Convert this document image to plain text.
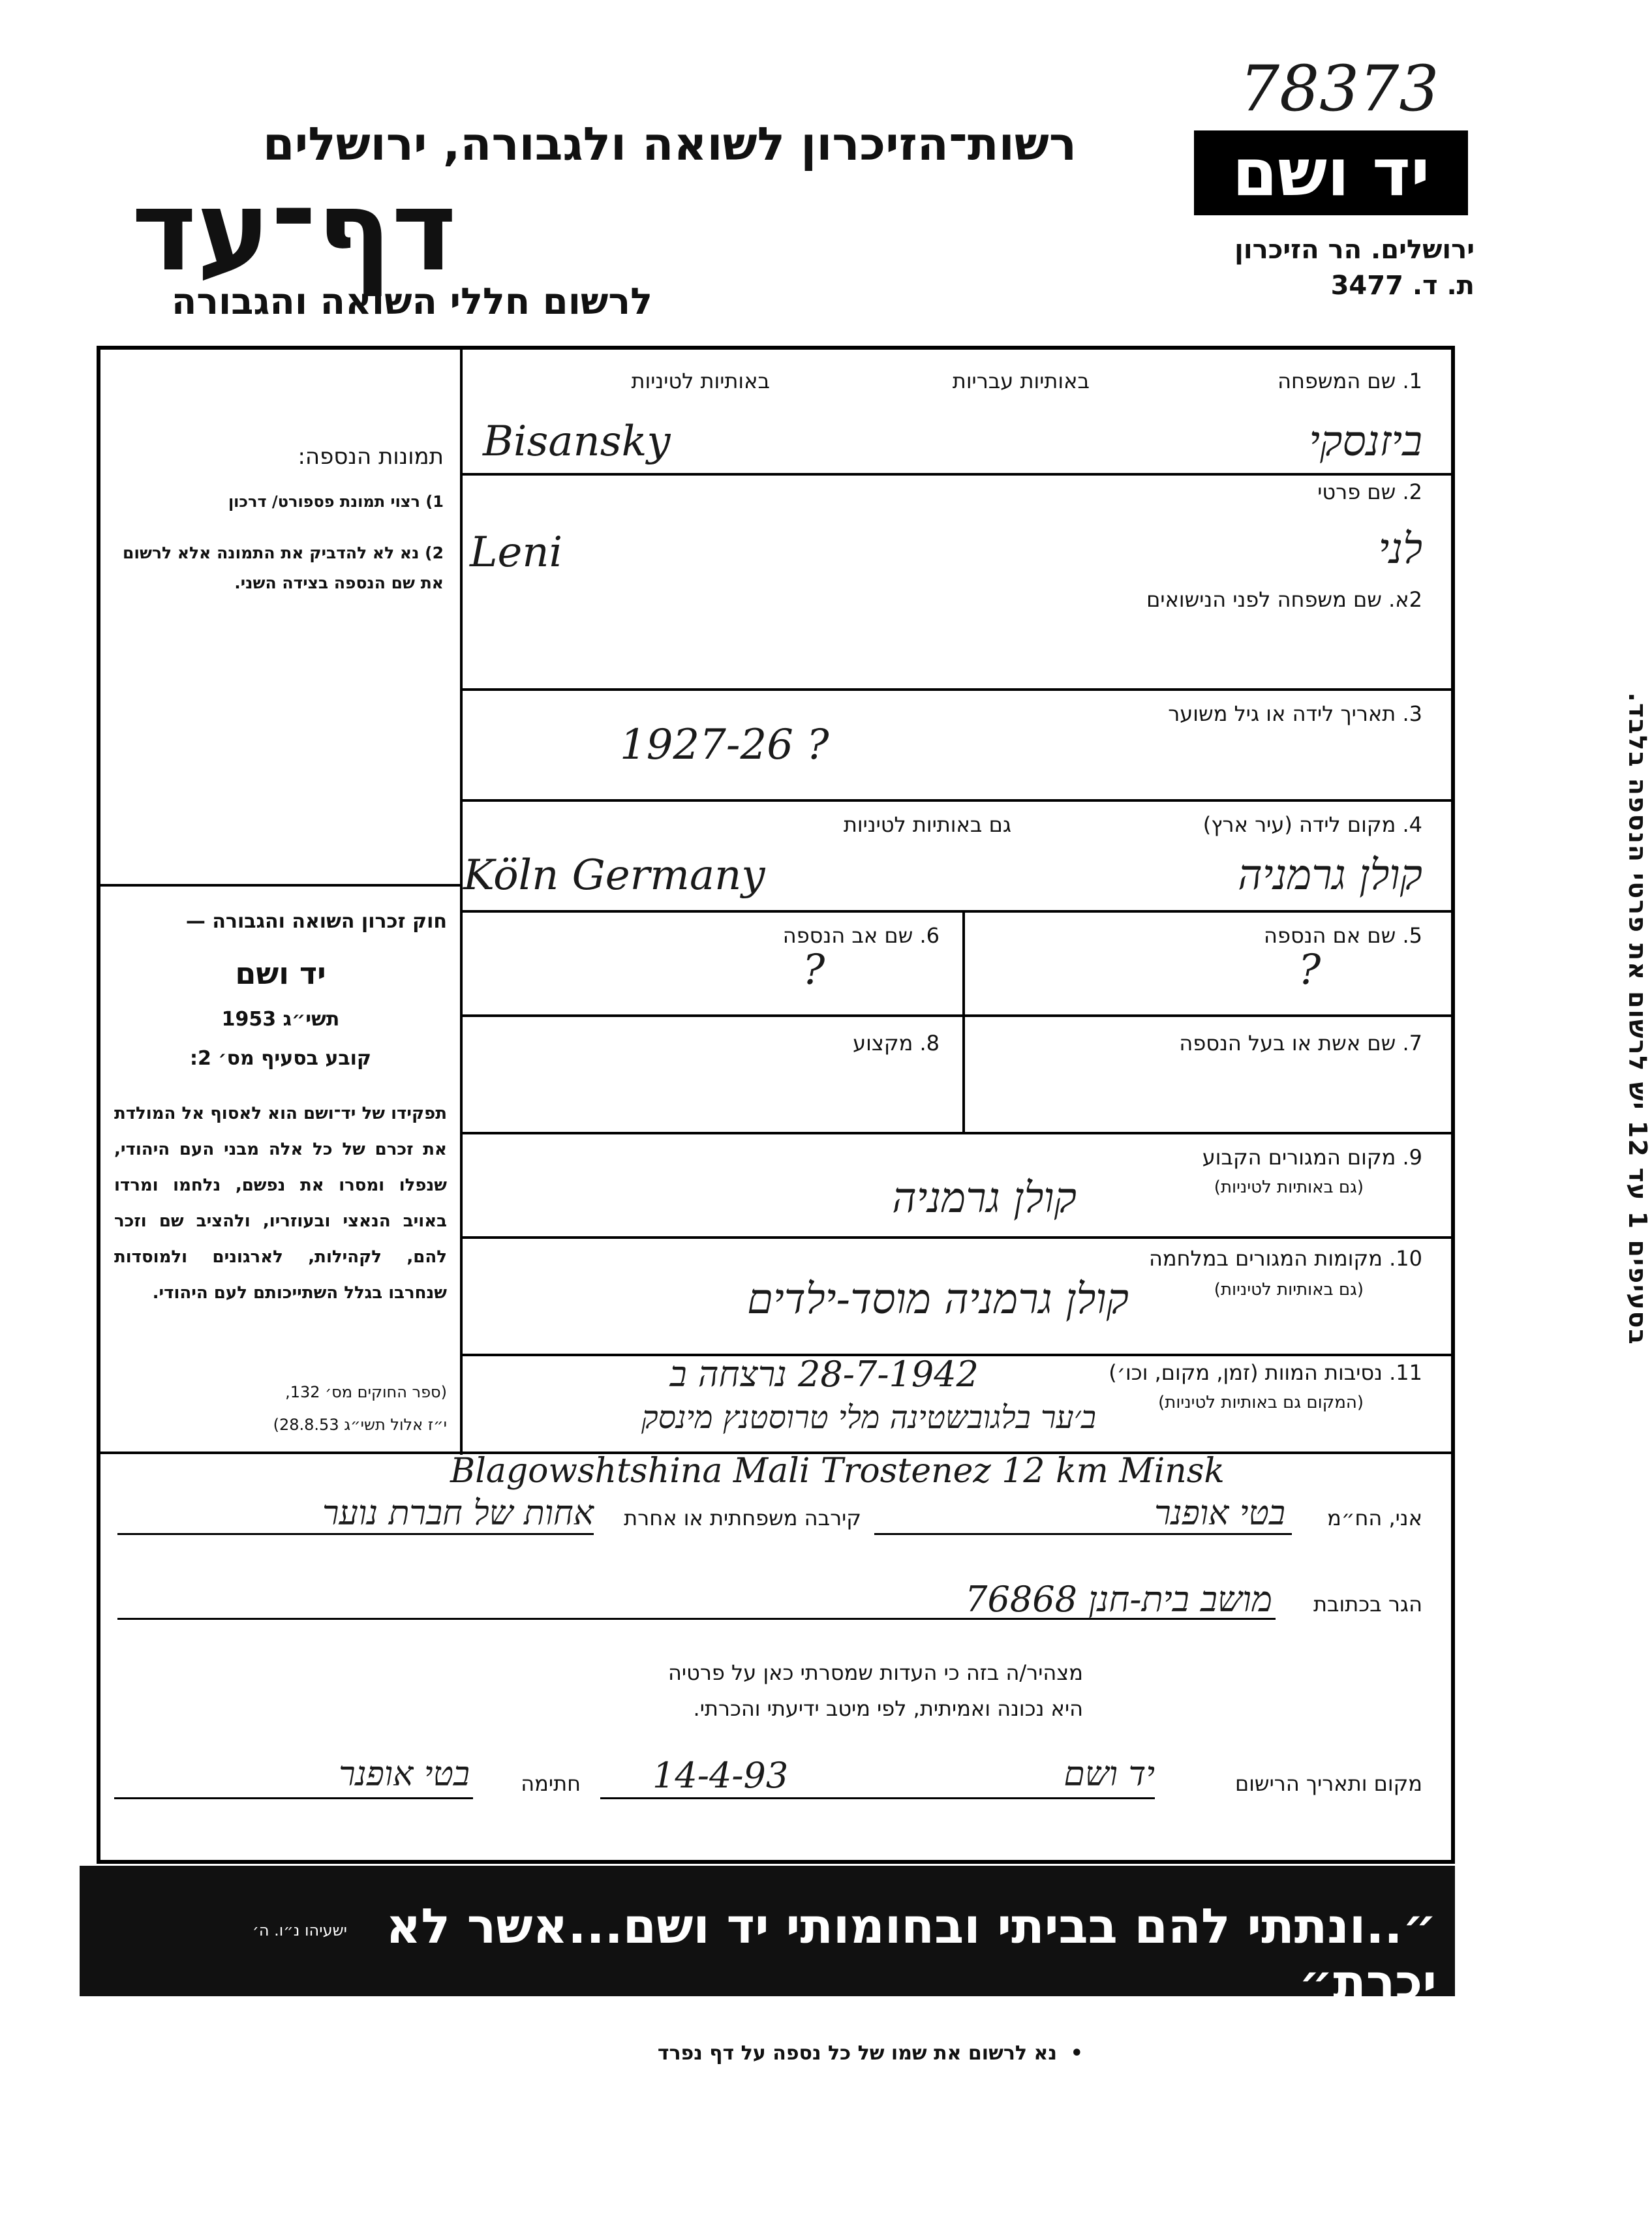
78373
רשות־הזיכרון לשואה ולגבורה, ירושלים
דף־עד
לרשום חללי השואה והגבורה
יד ושם
ירושלים. הר הזיכרון
ת. ד. 3477
תמונות הנספה:
1) רצוי תמונת פספורט/ דרכון
2) נא לא להדביק את התמונה אלא לרשום את שם הנספה בצידה השני.
חוק זכרון השואה והגבורה —
יד ושם
תשי״ג 1953
קובע בסעיף מס׳ 2:
תפקידו של יד־ושם הוא לאסוף אל המולדת את זכרם של כל אלה מבני העם היהודי, שנפלו ומסרו את נפשם, נלחמו ומרדו באויב הנאצי ובעוזריו, ולהציב שם וזכר להם, לקהילות, לארגונים ולמוסדות שנחרבו בגלל השתייכותם לעם היהודי.
(ספר החוקים מס׳ 132,
י״ז אלול תשי״ג 28.8.53)
1. שם המשפחה
באותיות עבריות
באותיות לטיניות
Bisansky	ביזנסקי
2. שם פרטי
Leni	לני
2א. שם משפחה לפני הנישואים
3. תאריך לידה או גיל משוער
1927-26 ?
4. מקום לידה (עיר ארץ)
גם באותיות לטיניות
Köln Germany	קולן גרמניה
5. שם אם הנספה
?
6. שם אב הנספה
?
7. שם אשת או בעל הנספה
8. מקצוע
9. מקום המגורים הקבוע
(גם באותיות לטיניות)
קולן גרמניה
10. מקומות המגורים במלחמה
(גם באותיות לטיניות)
קולן גרמניה מוסד-ילדים
11. נסיבות המוות (זמן, מקום, וכו׳)
(המקום גם באותיות לטיניות)
28-7-1942 נרצחה ב
ב׳ער בלגובשטינה מלי טרוסטנץ מינסק
Blagowshtshina Mali Trostenez 12 km Minsk
אני, הח״מ
בטי אופנר
קירבה משפחתית או אחרת
אחות של חברת נוער
הגר בכתובת
מושב בית-חנן 76868
מצהיר/ה בזה כי העדות שמסרתי כאן על פרטיה
היא נכונה ואמיתית, לפי מיטב ידיעתי והכרתי.
מקום ותאריך הרישום
יד ושם
14-4-93
חתימה
בטי אופנר
״..ונתתי להם בביתי ובחומותי יד ושם...אשר לא יכרת״
ישעיהו נ״ו. ה׳
•  נא לרשום את שמו של כל נספה על דף נפרד
בסעיפים 1 עד 12 יש לרשום את פרטי הנספה בלבד.
